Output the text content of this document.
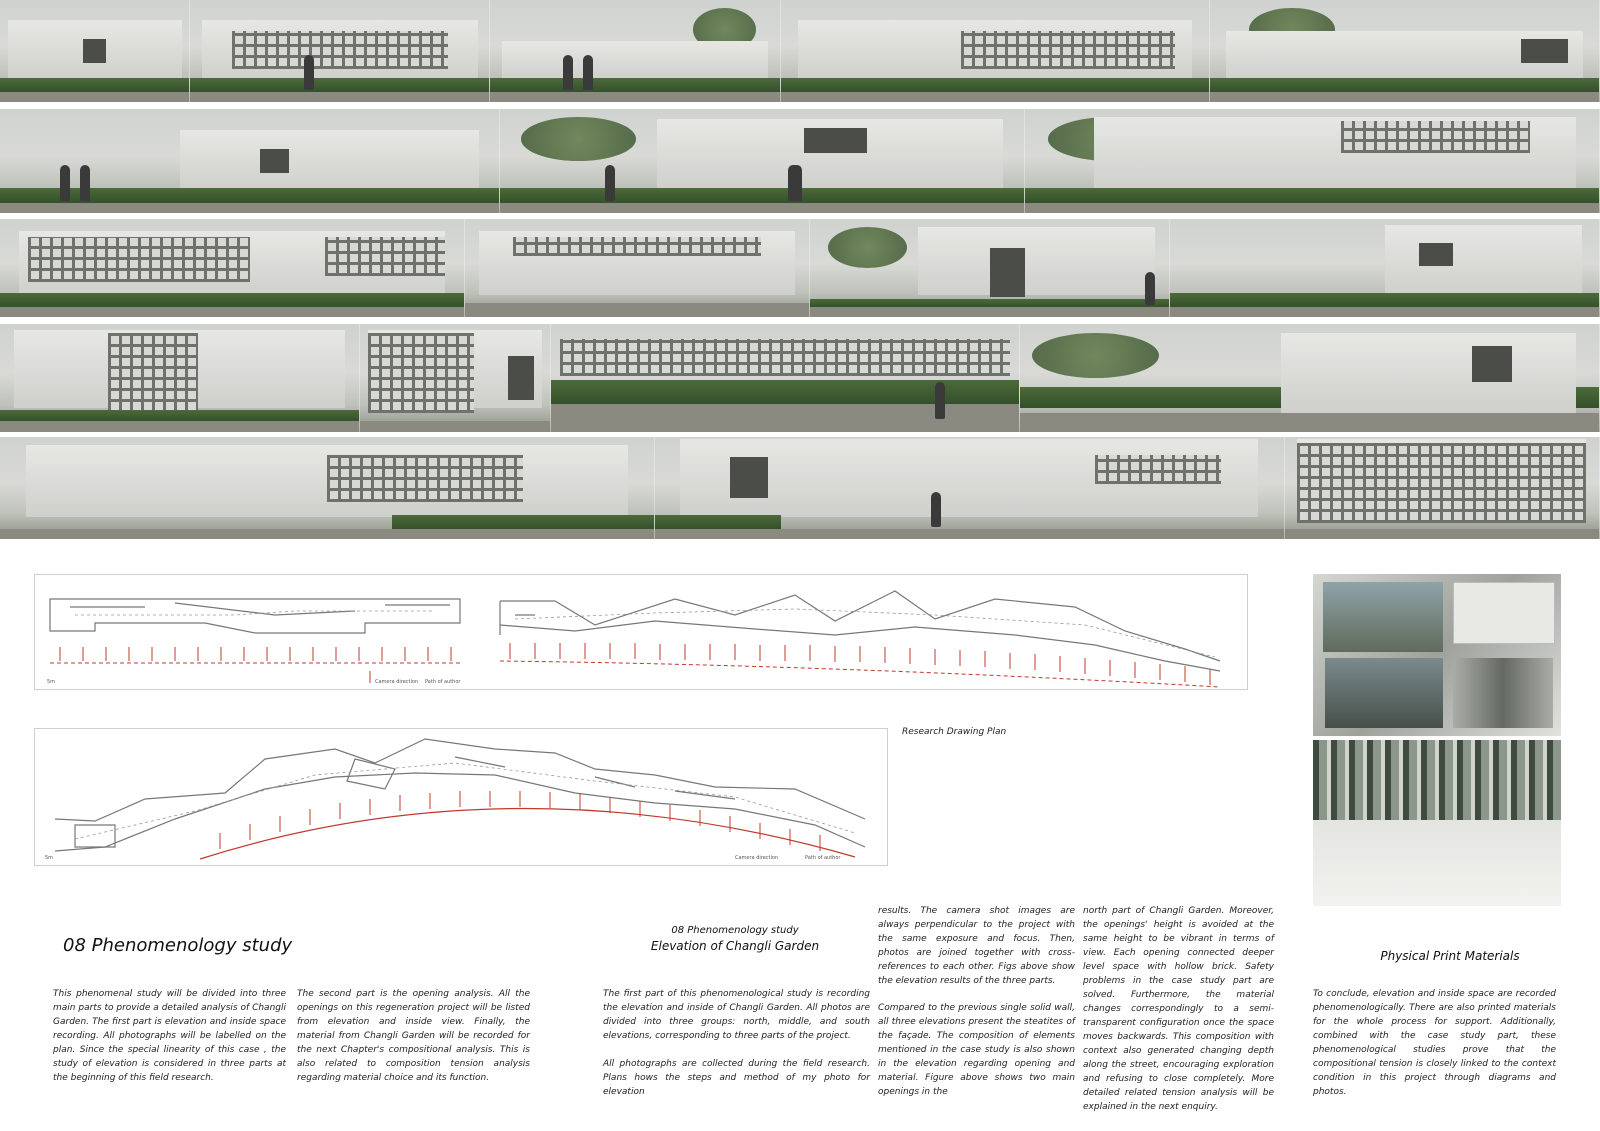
5m	Camera direction Path of author
5m	Camera direction	Path of author
Research Drawing Plan
08 Phenomenology study
08 Phenomenology study
Elevation of Changli Garden
Physical Print Materials

This phenomenal study will be divided into three main parts to provide a detailed analysis of Changli Garden. The first part is elevation and inside space recording. All photographs will be labelled on the plan. Since the special linearity of this case , the study of elevation is considered in three parts at the beginning of this field research.

The second part is the opening analysis. All the openings on this regeneration project will be listed from elevation and inside view. Finally, the material from Changli Garden will be recorded for the next Chapter's compositional analysis. This is also related to composition tension analysis regarding material choice and its function.

The first part of this phenomenological study is recording the elevation and inside of Changli Garden. All photos are divided into three groups: north, middle, and south elevations, corresponding to three parts of the project.

All photographs are collected during the field research. Plans hows the steps and method of my photo for elevation

results. The camera shot images are always perpendicular to the project with the same exposure and focus. Then, photos are joined together with cross-references to each other. Figs above show the elevation results of the three parts.

Compared to the previous single solid wall, all three elevations present the steatites of the façade. The composition of elements mentioned in the case study is also shown in the elevation regarding opening and material. Figure above shows two main openings in the

north part of Changli Garden. Moreover, the openings' height is avoided at the same height to be vibrant in terms of view. Each opening connected deeper level space with hollow brick. Safety problems in the case study part are solved. Furthermore, the material changes correspondingly to a semi-transparent configuration once the space moves backwards. This composition with context also generated changing depth along the street, encouraging exploration and refusing to close completely. More detailed related tension analysis will be explained in the next enquiry.

To conclude, elevation and inside space are recorded phenomenologically. There are also printed materials for the whole process for support. Additionally, combined with the case study part, these phenomenological studies prove that the compositional tension is closely linked to the context condition in this project through diagrams and photos.
